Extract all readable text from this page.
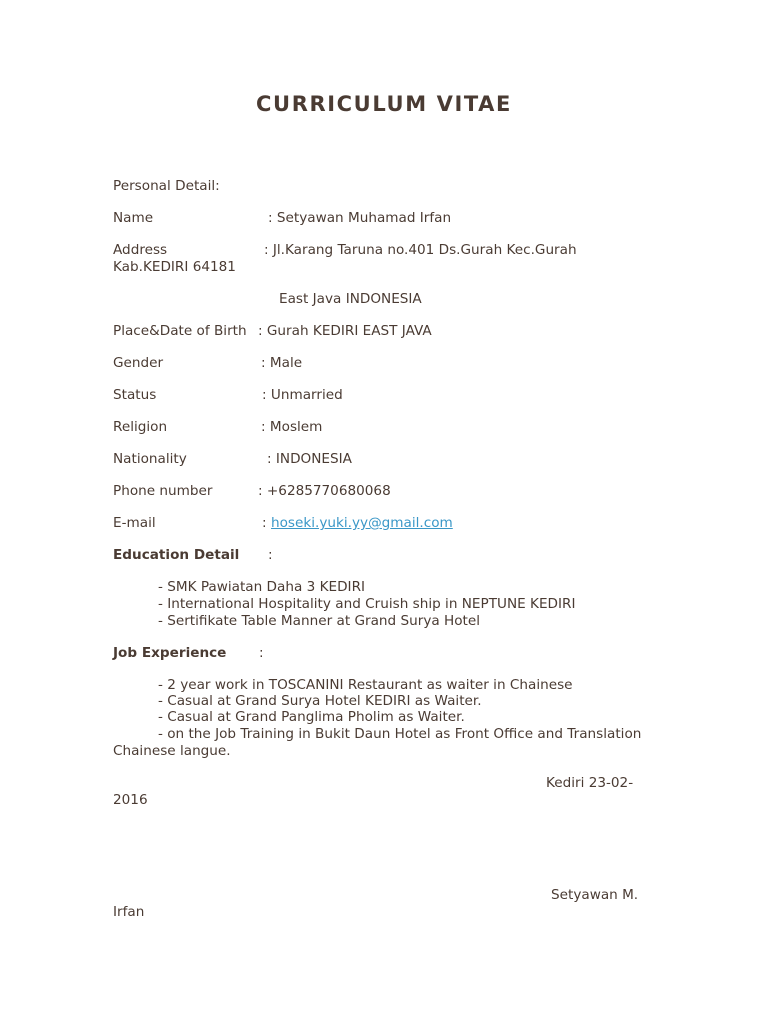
CURRICULUM VITAE
Personal Detail:
Name	: Setyawan Muhamad Irfan
Address	: Jl.Karang Taruna no.401 Ds.Gurah Kec.Gurah
Kab.KEDIRI 64181
East Java INDONESIA
Place&Date of Birth : Gurah KEDIRI EAST JAVA
Gender	: Male
Status	: Unmarried
Religion	: Moslem
Nationality	: INDONESIA
Phone number	: +6285770680068
E-mail	: hoseki.yuki.yy@gmail.com
Education Detail :
- SMK Pawiatan Daha 3 KEDIRI
- International Hospitality and Cruish ship in NEPTUNE KEDIRI
- Sertifikate Table Manner at Grand Surya Hotel
Job Experience :
- 2 year work in TOSCANINI Restaurant as waiter in Chainese
- Casual at Grand Surya Hotel KEDIRI as Waiter.
- Casual at Grand Panglima Pholim as Waiter.
- on the Job Training in Bukit Daun Hotel as Front Office and Translation
Chainese langue.
Kediri 23-02-
2016
Setyawan M.
Irfan
